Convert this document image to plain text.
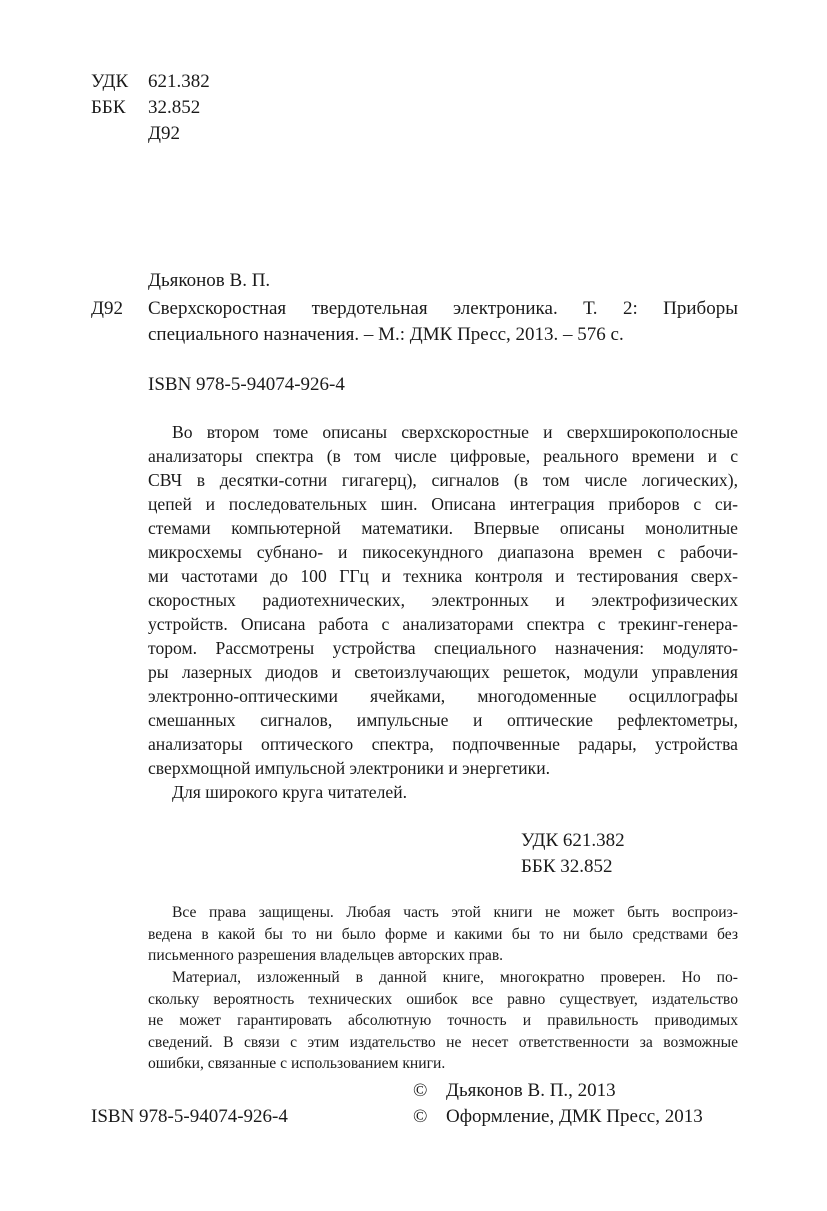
УДК 621.382
ББК 32.852
Д92
Дьяконов В. П.
Д92 Сверхскоростная твердотельная электроника. Т. 2: Приборы
специального назначения. – М.: ДМК Пресс, 2013. – 576 с.
ISBN 978-5-94074-926-4
Во втором томе описаны сверхскоростные и сверхширокополосные
анализаторы спектра (в том числе цифровые, реального времени и с
СВЧ в десятки-сотни гигагерц), сигналов (в том числе логических),
цепей и последовательных шин. Описана интеграция приборов с си-
стемами компьютерной математики. Впервые описаны монолитные
микросхемы субнано- и пикосекундного диапазона времен с рабочи-
ми частотами до 100 ГГц и техника контроля и тестирования сверх-
скоростных радиотехнических, электронных и электрофизических
устройств. Описана работа с анализаторами спектра с трекинг-генера-
тором. Рассмотрены устройства специального назначения: модулято-
ры лазерных диодов и светоизлучающих решеток, модули управления
электронно-оптическими ячейками, многодоменные осциллографы
смешанных сигналов, импульсные и оптические рефлектометры,
анализаторы оптического спектра, подпочвенные радары, устройства
сверхмощной импульсной электроники и энергетики.
Для широкого круга читателей.
УДК 621.382
ББК 32.852
Все права защищены. Любая часть этой книги не может быть воспроиз-
ведена в какой бы то ни было форме и какими бы то ни было средствами без
письменного разрешения владельцев авторских прав.
Материал, изложенный в данной книге, многократно проверен. Но по-
скольку вероятность технических ошибок все равно существует, издательство
не может гарантировать абсолютную точность и правильность приводимых
сведений. В связи с этим издательство не несет ответственности за возможные
ошибки, связанные с использованием книги.
ISBN 978-5-94074-926-4
© Дьяконов В. П., 2013
© Оформление, ДМК Пресс, 2013
